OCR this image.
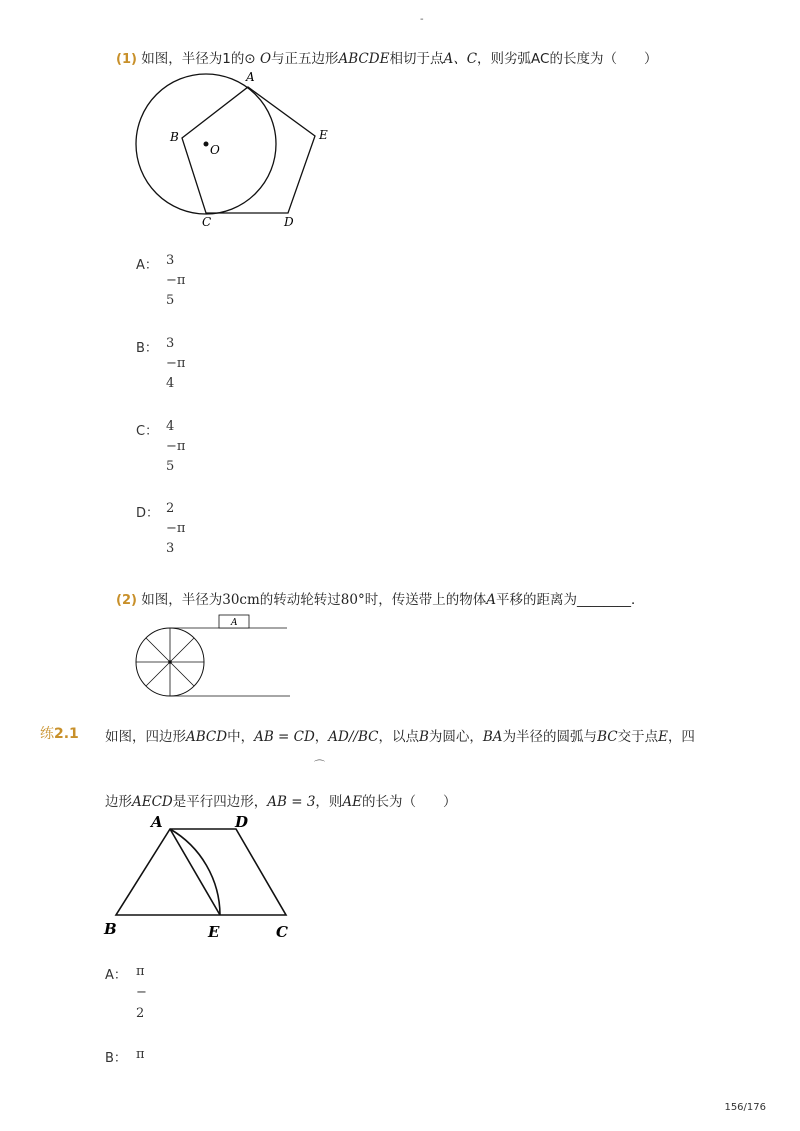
-
(1) 如图，半径为1的⊙ O与正五边形ABCDE相切于点A、C，则劣弧AC的长度为（　　）
A
B
O
E
C	D
A： 3
−π
5
B： 3
−π
4
C： 4
−π
5
D： 2
−π
3
(2) 如图，半径为30cm的转动轮转过80°时，传送带上的物体A平移的距离为________．
A
练2.1 如图，四边形ABCD中，AB = CD，AD//BC，以点B为圆心，BA为半径的圆弧与BC交于点E，四
⌒
边形AECD是平行四边形，AB = 3，则AE的长为（　　）
A	D
B	E	C
A： π
−
2
B： π
156/176
